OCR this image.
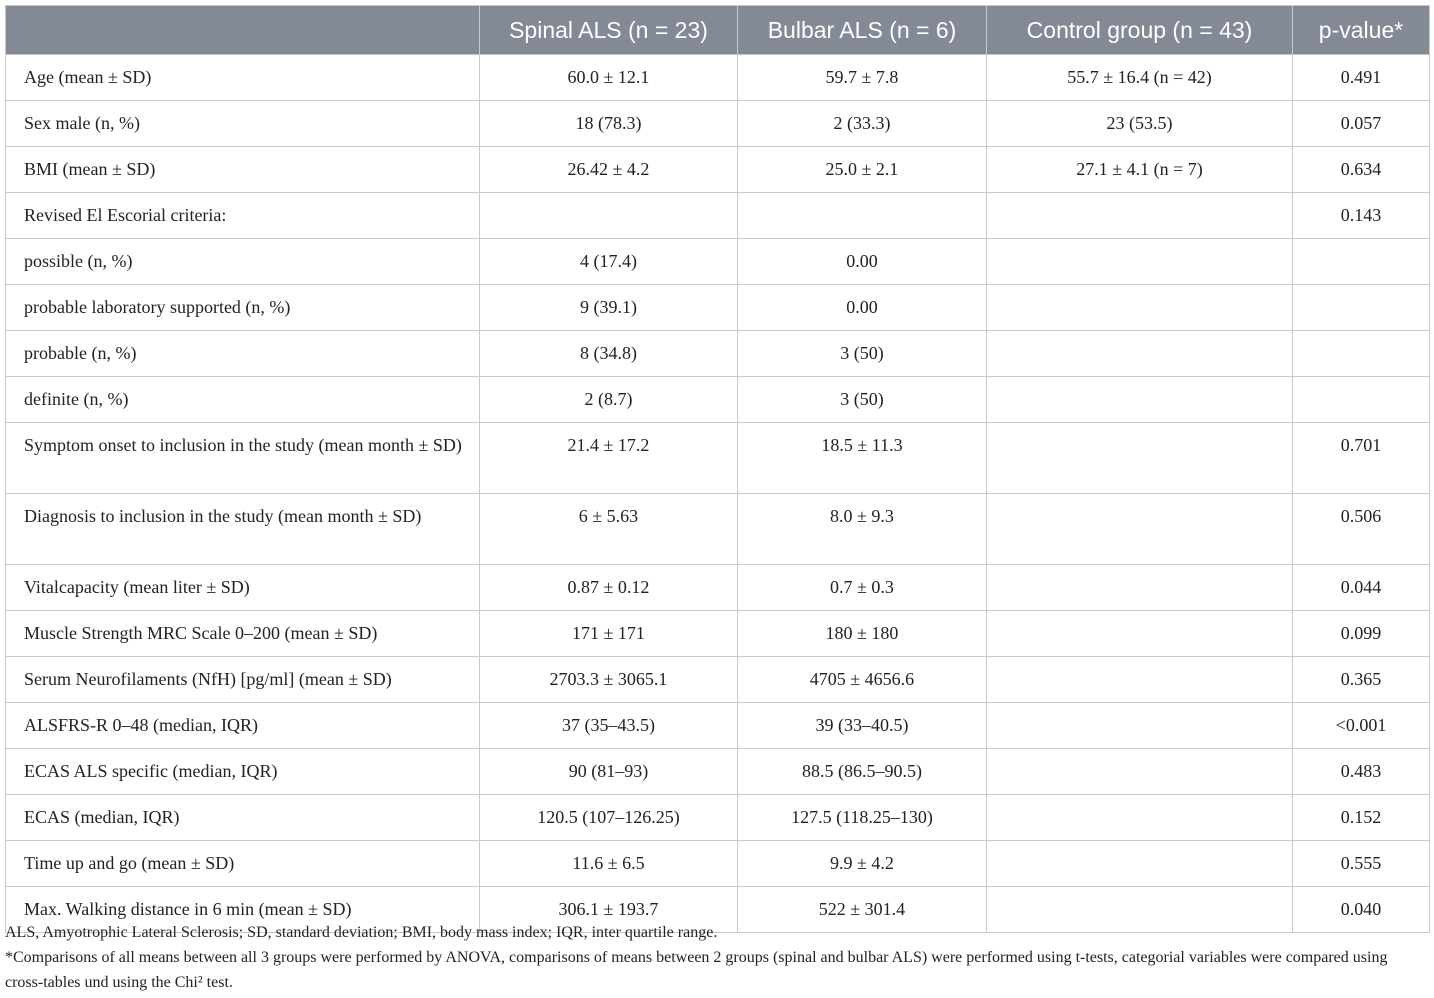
	Spinal ALS (n = 23)	Bulbar ALS (n = 6)	Control group (n = 43)	p-value*
Age (mean ± SD)	60.0 ± 12.1	59.7 ± 7.8	55.7 ± 16.4 (n = 42)	0.491
Sex male (n, %)	18 (78.3)	2 (33.3)	23 (53.5)	0.057
BMI (mean ± SD)	26.42 ± 4.2	25.0 ± 2.1	27.1 ± 4.1 (n = 7)	0.634
Revised El Escorial criteria:				0.143
possible (n, %)	4 (17.4)	0.00		
probable laboratory supported (n, %)	9 (39.1)	0.00		
probable (n, %)	8 (34.8)	3 (50)		
definite (n, %)	2 (8.7)	3 (50)		
Symptom onset to inclusion in the study (mean month ± SD)	21.4 ± 17.2	18.5 ± 11.3		0.701
Diagnosis to inclusion in the study (mean month ± SD)	6 ± 5.63	8.0 ± 9.3		0.506
Vitalcapacity (mean liter ± SD)	0.87 ± 0.12	0.7 ± 0.3		0.044
Muscle Strength MRC Scale 0–200 (mean ± SD)	171 ± 171	180 ± 180		0.099
Serum Neurofilaments (NfH) [pg/ml] (mean ± SD)	2703.3 ± 3065.1	4705 ± 4656.6		0.365
ALSFRS-R 0–48 (median, IQR)	37 (35–43.5)	39 (33–40.5)		<0.001
ECAS ALS specific (median, IQR)	90 (81–93)	88.5 (86.5–90.5)		0.483
ECAS (median, IQR)	120.5 (107–126.25)	127.5 (118.25–130)		0.152
Time up and go (mean ± SD)	11.6 ± 6.5	9.9 ± 4.2		0.555
Max. Walking distance in 6 min (mean ± SD)	306.1 ± 193.7	522 ± 301.4		0.040

ALS, Amyotrophic Lateral Sclerosis; SD, standard deviation; BMI, body mass index; IQR, inter quartile range.

*Comparisons of all means between all 3 groups were performed by ANOVA, comparisons of means between 2 groups (spinal and bulbar ALS) were performed using t-tests, categorial variables were compared using cross-tables und using the Chi² test.
